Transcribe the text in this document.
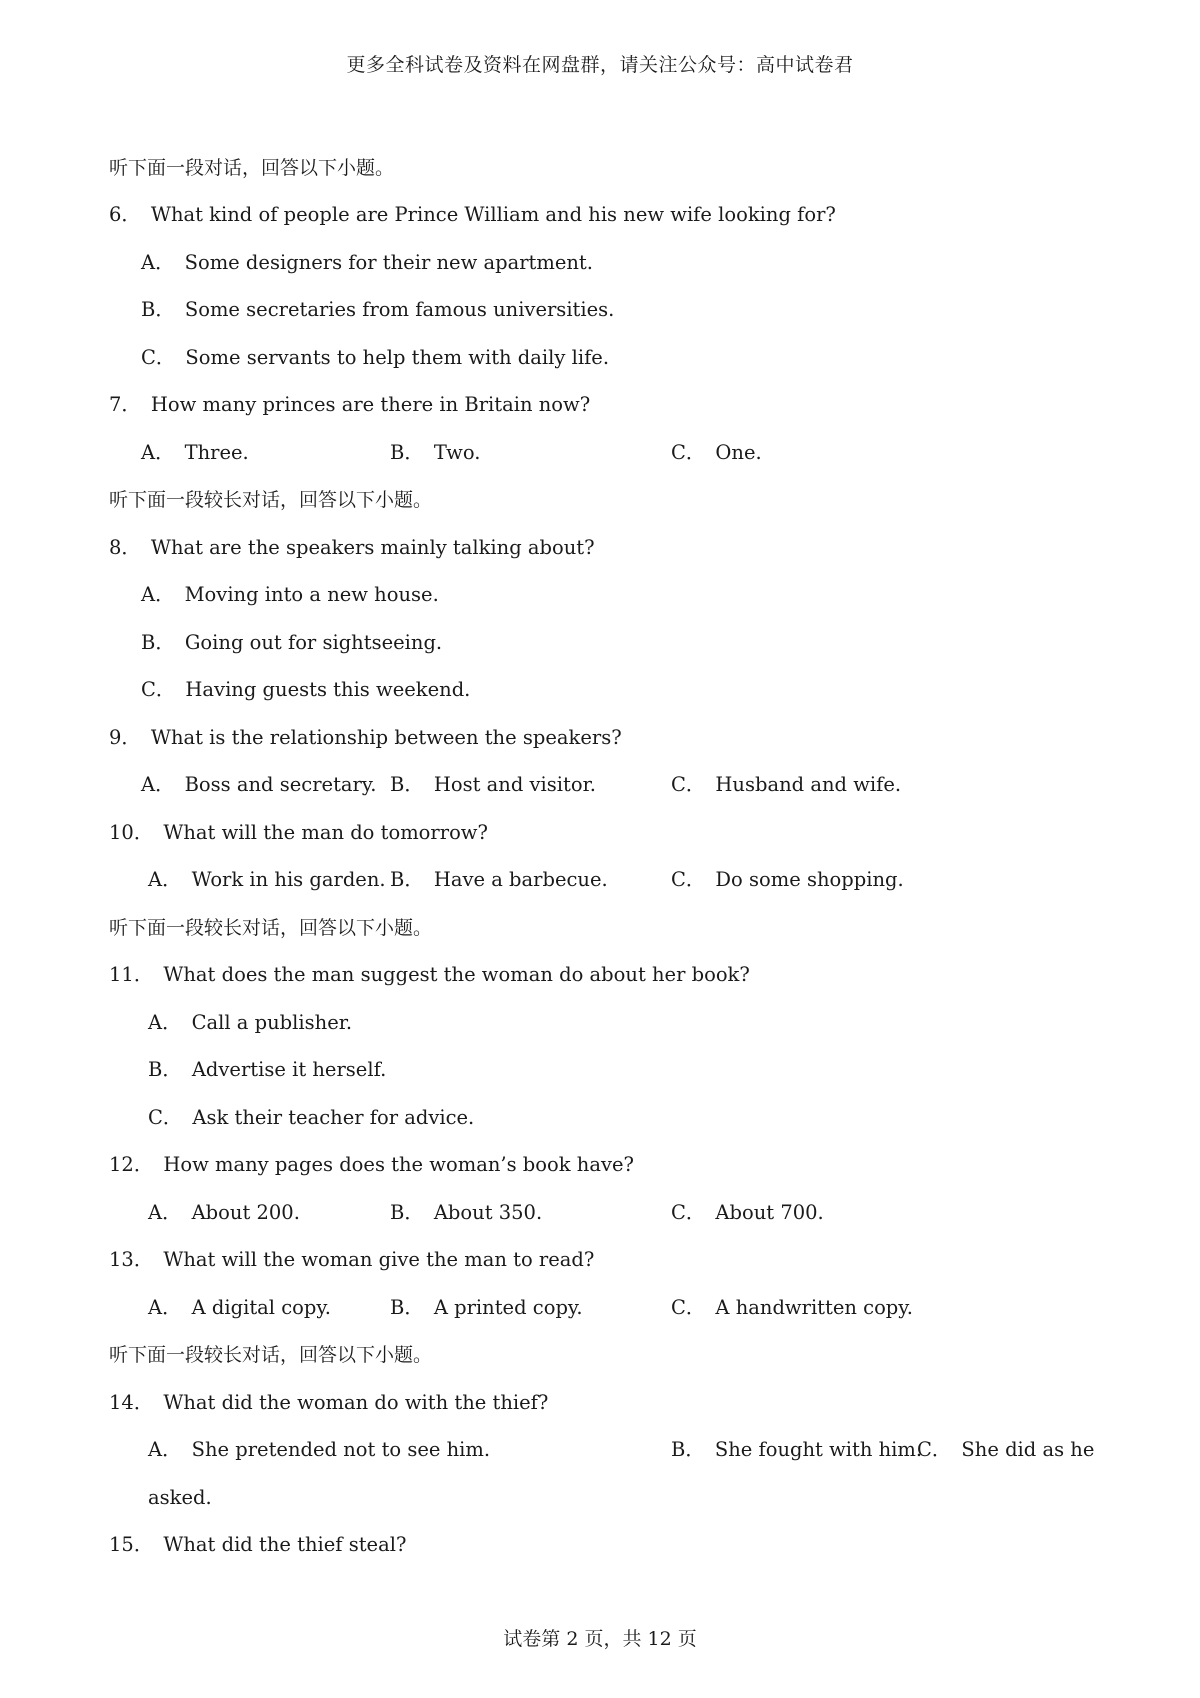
更多全科试卷及资料在网盘群，请关注公众号：高中试卷君
听下面一段对话，回答以下小题。
6． What kind of people are Prince William and his new wife looking for?
A． Some designers for their new apartment.
B． Some secretaries from famous universities.
C． Some servants to help them with daily life.
7． How many princes are there in Britain now?
A． Three.	B． Two.	C． One.
听下面一段较长对话，回答以下小题。
8． What are the speakers mainly talking about?
A． Moving into a new house.
B． Going out for sightseeing.
C． Having guests this weekend.
9． What is the relationship between the speakers?
A． Boss and secretary. B． Host and visitor.	C． Husband and wife.
10． What will the man do tomorrow?
A． Work in his garden. B． Have a barbecue.	C． Do some shopping.
听下面一段较长对话，回答以下小题。
11． What does the man suggest the woman do about her book?
A． Call a publisher.
B． Advertise it herself.
C． Ask their teacher for advice.
12． How many pages does the woman’s book have?
A． About 200.	B． About 350.	C． About 700.
13． What will the woman give the man to read?
A． A digital copy.	B． A printed copy.	C． A handwritten copy.
听下面一段较长对话，回答以下小题。
14． What did the woman do with the thief?
A． She pretended not to see him.	B． She fought with him.
C． She did as he
asked.
15． What did the thief steal?
试卷第 2 页，共 12 页
